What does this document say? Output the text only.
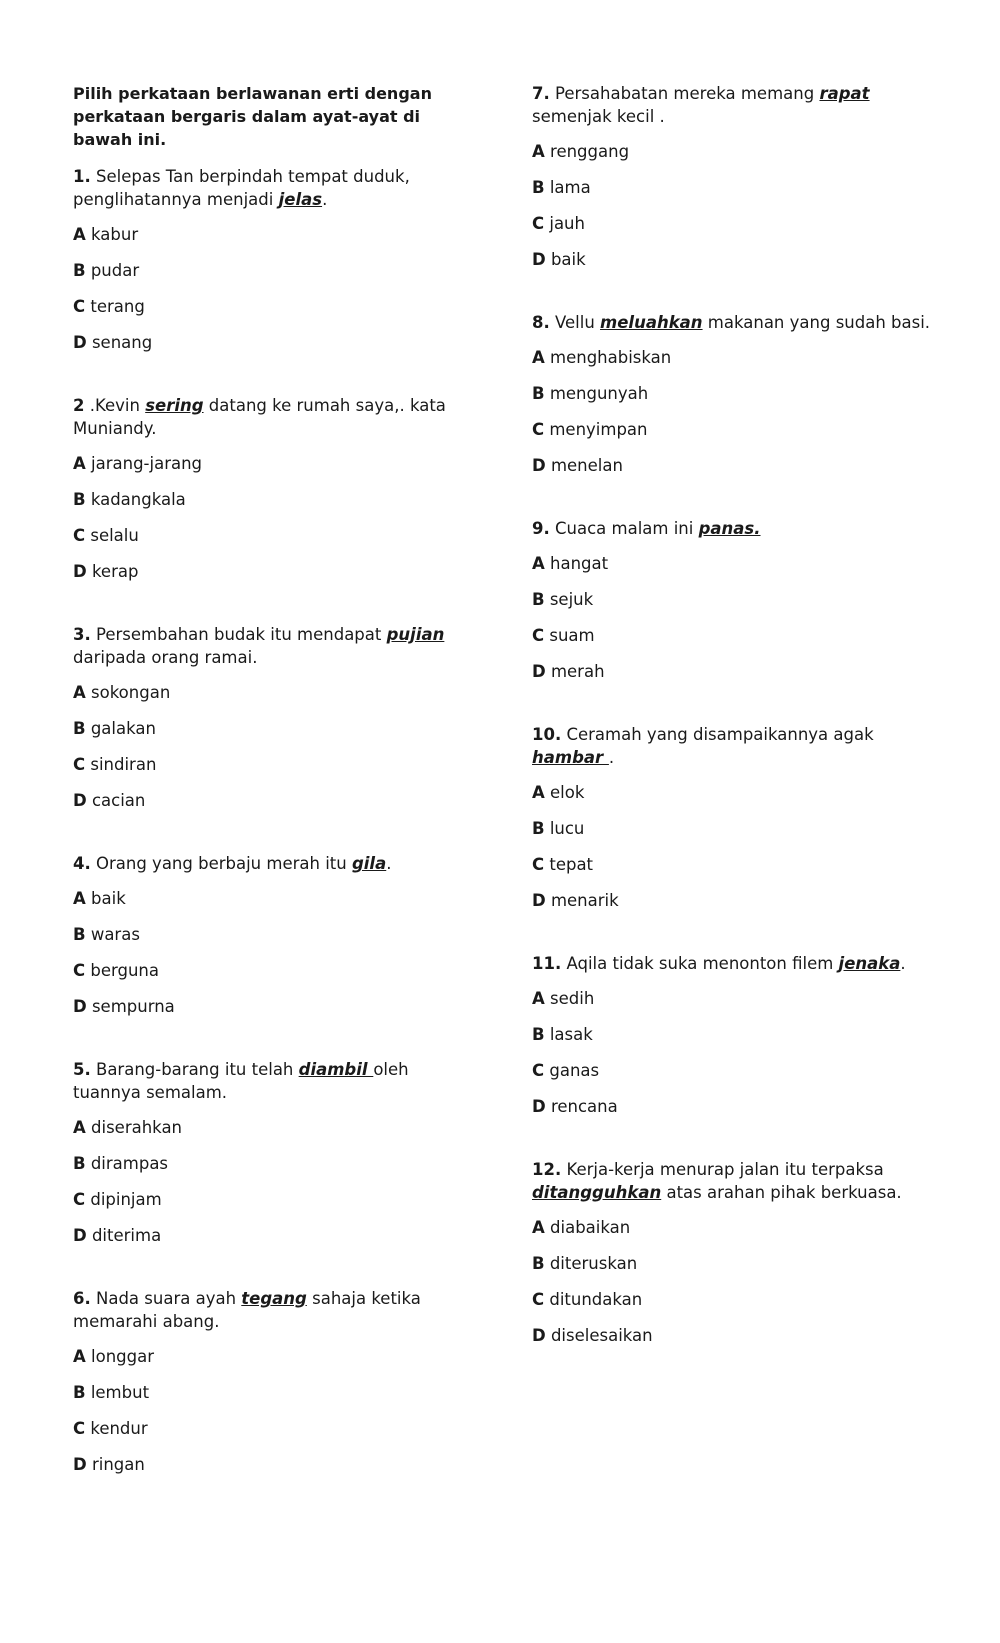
Pilih perkataan berlawanan erti dengan perkataan bergaris dalam ayat-ayat di bawah ini.

1. Selepas Tan berpindah tempat duduk, penglihatannya menjadi jelas.

A kabur

B pudar

C terang

D senang

2 .Kevin sering datang ke rumah saya,. kata Muniandy.

A jarang-jarang

B kadangkala

C selalu

D kerap

3. Persembahan budak itu mendapat pujian daripada orang ramai.

A sokongan

B galakan

C sindiran

D cacian

4. Orang yang berbaju merah itu gila.

A baik

B waras

C berguna

D sempurna

5. Barang-barang itu telah diambil oleh tuannya semalam.

A diserahkan

B dirampas

C dipinjam

D diterima

6. Nada suara ayah tegang sahaja ketika memarahi abang.

A longgar

B lembut

C kendur

D ringan

7. Persahabatan mereka memang rapat semenjak kecil .

A renggang

B lama

C jauh

D baik

8. Vellu meluahkan makanan yang sudah basi.

A menghabiskan

B mengunyah

C menyimpan

D menelan

9. Cuaca malam ini panas.

A hangat

B sejuk

C suam

D merah

10. Ceramah yang disampaikannya agak hambar .

A elok

B lucu

C tepat

D menarik

11. Aqila tidak suka menonton filem jenaka.

A sedih

B lasak

C ganas

D rencana

12. Kerja-kerja menurap jalan itu terpaksa ditangguhkan atas arahan pihak berkuasa.

A diabaikan

B diteruskan

C ditundakan

D diselesaikan
